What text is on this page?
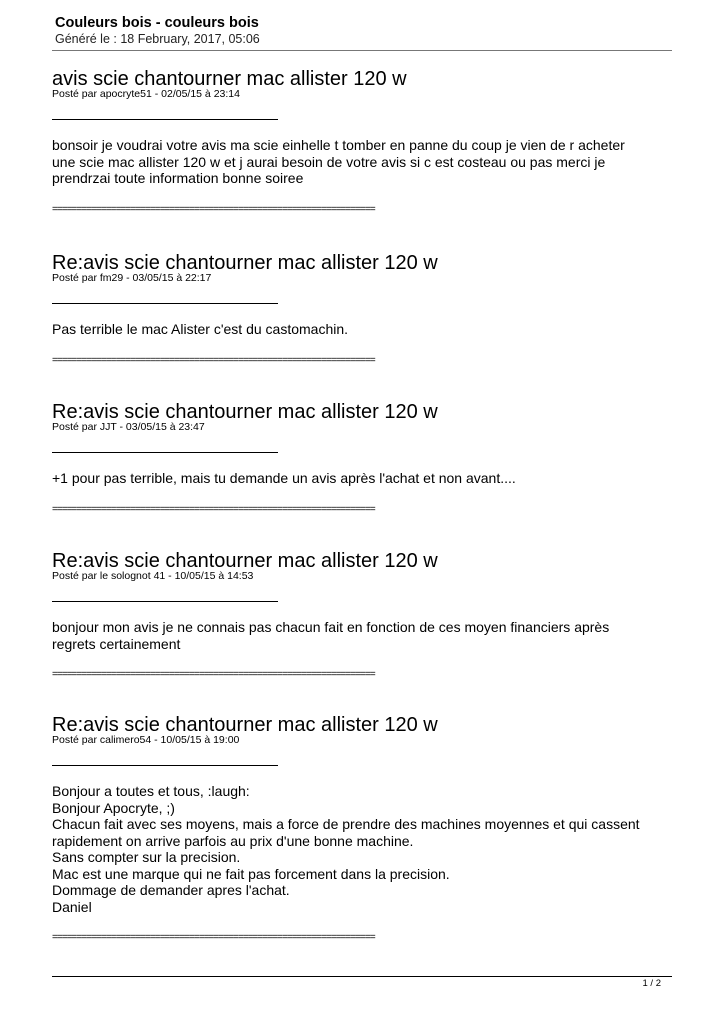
Couleurs bois - couleurs bois
Généré le : 18 February, 2017, 05:06
avis scie chantourner mac allister 120 w
Posté par apocryte51 - 02/05/15 à 23:14

bonsoir je voudrai votre avis ma scie einhelle t tomber en panne du coup je vien de r acheter une scie mac allister 120 w et j aurai besoin de votre avis si c est costeau ou pas merci je prendrzai toute information bonne soiree

==================================================================
Re:avis scie chantourner mac allister 120 w
Posté par fm29 - 03/05/15 à 22:17

Pas terrible le mac Alister c'est du castomachin.

==================================================================
Re:avis scie chantourner mac allister 120 w
Posté par JJT - 03/05/15 à 23:47

+1 pour pas terrible, mais tu demande un avis après l'achat et non avant....

==================================================================
Re:avis scie chantourner mac allister 120 w
Posté par le solognot 41 - 10/05/15 à 14:53

bonjour mon avis je ne connais pas chacun fait en fonction de ces moyen financiers après regrets certainement

==================================================================
Re:avis scie chantourner mac allister 120 w
Posté par calimero54 - 10/05/15 à 19:00

Bonjour a toutes et tous, :laugh:

Bonjour Apocryte, ;)

Chacun fait avec ses moyens, mais a force de prendre des machines moyennes et qui cassent rapidement on arrive parfois au prix d'une bonne machine.

Sans compter sur la precision.

Mac est une marque qui ne fait pas forcement dans la precision.

Dommage de demander apres l'achat.

Daniel

==================================================================
1 / 2
